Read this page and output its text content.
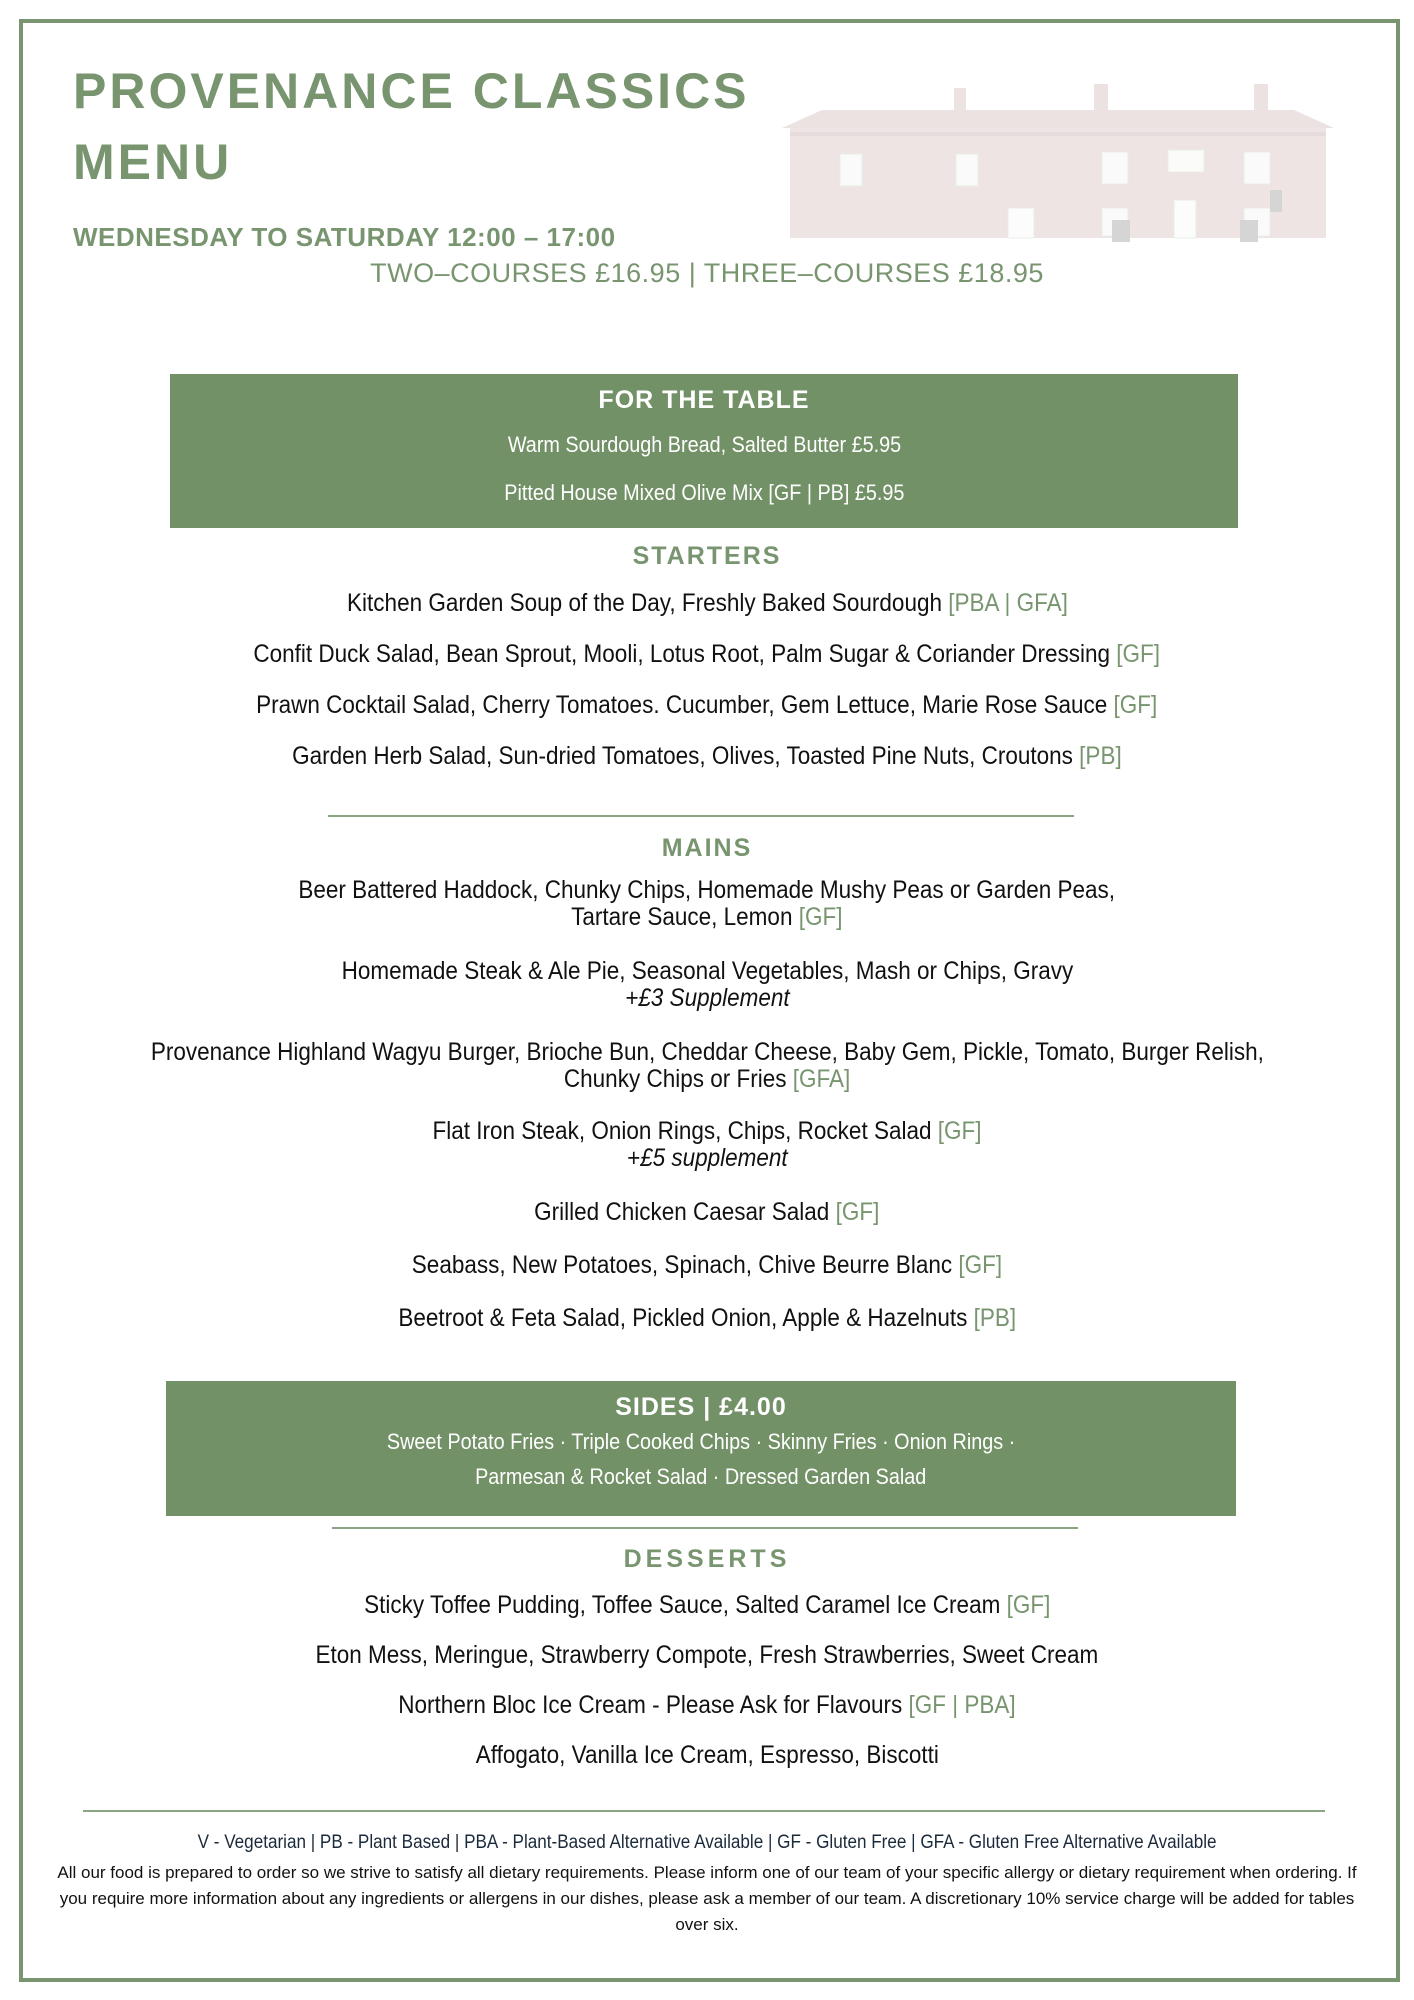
PROVENANCE CLASSICS
MENU
WEDNESDAY TO SATURDAY 12:00 – 17:00
TWO–COURSES £16.95 | THREE–COURSES £18.95
FOR THE TABLE
Warm Sourdough Bread, Salted Butter £5.95
Pitted House Mixed Olive Mix [GF | PB] £5.95
STARTERS
Kitchen Garden Soup of the Day, Freshly Baked Sourdough [PBA | GFA]
Confit Duck Salad, Bean Sprout, Mooli, Lotus Root, Palm Sugar & Coriander Dressing [GF]
Prawn Cocktail Salad, Cherry Tomatoes. Cucumber, Gem Lettuce, Marie Rose Sauce [GF]
Garden Herb Salad, Sun-dried Tomatoes, Olives, Toasted Pine Nuts, Croutons [PB]
MAINS
Beer Battered Haddock, Chunky Chips, Homemade Mushy Peas or Garden Peas,
Tartare Sauce, Lemon [GF]
Homemade Steak & Ale Pie, Seasonal Vegetables, Mash or Chips, Gravy

+£3 Supplement
Provenance Highland Wagyu Burger, Brioche Bun, Cheddar Cheese, Baby Gem, Pickle, Tomato, Burger Relish,
Chunky Chips or Fries [GFA]
Flat Iron Steak, Onion Rings, Chips, Rocket Salad [GF]

+£5 supplement
Grilled Chicken Caesar Salad [GF]
Seabass, New Potatoes, Spinach, Chive Beurre Blanc [GF]
Beetroot & Feta Salad, Pickled Onion, Apple & Hazelnuts [PB]
SIDES | £4.00
Sweet Potato Fries · Triple Cooked Chips · Skinny Fries · Onion Rings ·
Parmesan & Rocket Salad · Dressed Garden Salad
DESSERTS
Sticky Toffee Pudding, Toffee Sauce, Salted Caramel Ice Cream [GF]
Eton Mess, Meringue, Strawberry Compote, Fresh Strawberries, Sweet Cream
Northern Bloc Ice Cream - Please Ask for Flavours [GF | PBA]
Affogato, Vanilla Ice Cream, Espresso, Biscotti
V - Vegetarian | PB - Plant Based | PBA - Plant-Based Alternative Available | GF - Gluten Free | GFA - Gluten Free Alternative Available
All our food is prepared to order so we strive to satisfy all dietary requirements. Please inform one of our team of your specific allergy or dietary requirement when ordering. If you require more information about any ingredients or allergens in our dishes, please ask a member of our team. A discretionary 10% service charge will be added for tables over six.
